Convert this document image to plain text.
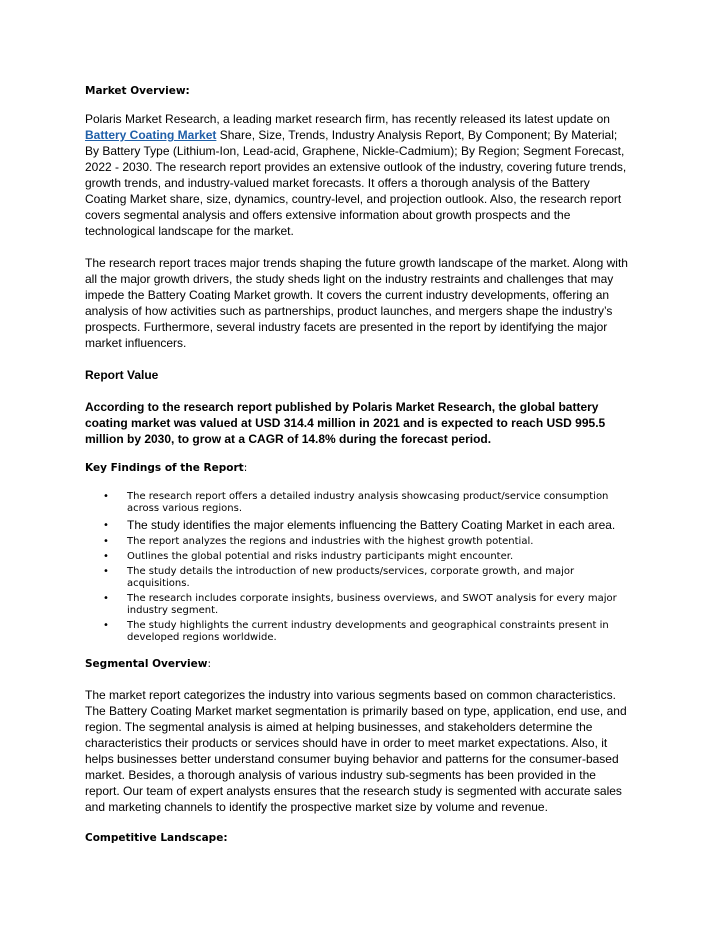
Market Overview:

Polaris Market Research, a leading market research firm, has recently released its latest update on Battery Coating Market Share, Size, Trends, Industry Analysis Report, By Component; By Material; By Battery Type (Lithium-Ion, Lead-acid, Graphene, Nickle-Cadmium); By Region; Segment Forecast, 2022 - 2030. The research report provides an extensive outlook of the industry, covering future trends, growth trends, and industry-valued market forecasts. It offers a thorough analysis of the Battery Coating Market share, size, dynamics, country-level, and projection outlook. Also, the research report covers segmental analysis and offers extensive information about growth prospects and the technological landscape for the market.

The research report traces major trends shaping the future growth landscape of the market. Along with all the major growth drivers, the study sheds light on the industry restraints and challenges that may impede the Battery Coating Market growth. It covers the current industry developments, offering an analysis of how activities such as partnerships, product launches, and mergers shape the industry’s prospects. Furthermore, several industry facets are presented in the report by identifying the major market influencers.

Report Value

According to the research report published by Polaris Market Research, the global battery coating market was valued at USD 314.4 million in 2021 and is expected to reach USD 995.5 million by 2030, to grow at a CAGR of 14.8% during the forecast period.

Key Findings of the Report:

• The research report offers a detailed industry analysis showcasing product/service consumption across various regions.
• The study identifies the major elements influencing the Battery Coating Market in each area.
• The report analyzes the regions and industries with the highest growth potential.
• Outlines the global potential and risks industry participants might encounter.
• The study details the introduction of new products/services, corporate growth, and major acquisitions.
• The research includes corporate insights, business overviews, and SWOT analysis for every major industry segment.
• The study highlights the current industry developments and geographical constraints present in developed regions worldwide.

Segmental Overview:

The market report categorizes the industry into various segments based on common characteristics. The Battery Coating Market market segmentation is primarily based on type, application, end use, and region. The segmental analysis is aimed at helping businesses, and stakeholders determine the characteristics their products or services should have in order to meet market expectations. Also, it helps businesses better understand consumer buying behavior and patterns for the consumer-based market. Besides, a thorough analysis of various industry sub-segments has been provided in the report. Our team of expert analysts ensures that the research study is segmented with accurate sales and marketing channels to identify the prospective market size by volume and revenue.

Competitive Landscape:
